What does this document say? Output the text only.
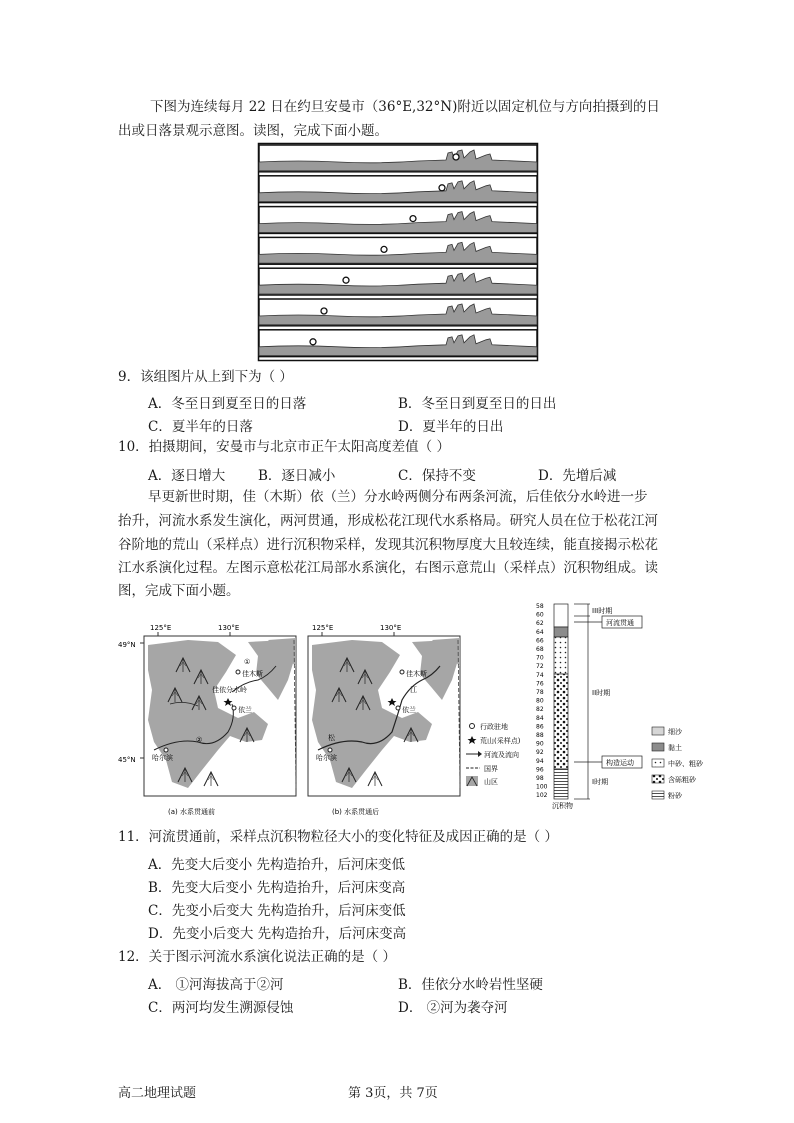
下图为连续每月 22 日在约旦安曼市（36°E,32°N)附近以固定机位与方向拍摄到的日
出或日落景观示意图。读图，完成下面小题。
9．该组图片从上到下为（ ）
A．冬至日到夏至日的日落	B．冬至日到夏至日的日出
C．夏半年的日落	D．夏半年的日出
10．拍摄期间，安曼市与北京市正午太阳高度差值（ ）
A．逐日增大 B．逐日减小	C．保持不变	D．先增后减
早更新世时期，佳（木斯）依（兰）分水岭两侧分布两条河流，后佳依分水岭进一步
抬升，河流水系发生演化，两河贯通，形成松花江现代水系格局。研究人员在位于松花江河
谷阶地的荒山（采样点）进行沉积物采样，发现其沉积物厚度大且较连续，能直接揭示松花
江水系演化过程。左图示意松花江局部水系演化，右图示意荒山（采样点）沉积物组成。读
图，完成下面小题。
125°E	130°E
49°N
45°N
佳木斯
佳依分水岭
依兰
哈尔滨
①
②
(a) 水系贯通前
125°E	130°E
佳木斯
松
江
依兰
哈尔滨
(b) 水系贯通后
行政驻地
荒山(采样点)
河流及流向
国界
山区
58
60
62
64
66
68
70
72
74
76
78
80
82
84
86
88
90
92
94
96
98
100
102
沉积物
III时期
河流贯通
II时期
构造运动
I时期
细沙
黏土
中砂、粗砂
含砾粗砂
粉砂
11．河流贯通前，采样点沉积物粒径大小的变化特征及成因正确的是（ ）
A．先变大后变小 先构造抬升，后河床变低
B．先变大后变小 先构造抬升，后河床变高
C．先变小后变大 先构造抬升，后河床变低
D．先变小后变大 先构造抬升，后河床变高
12．关于图示河流水系演化说法正确的是（ ）
A． ①河海拔高于②河	B．佳依分水岭岩性坚硬
C．两河均发生溯源侵蚀	D． ②河为袭夺河
高二地理试题	第 3页，共 7页
